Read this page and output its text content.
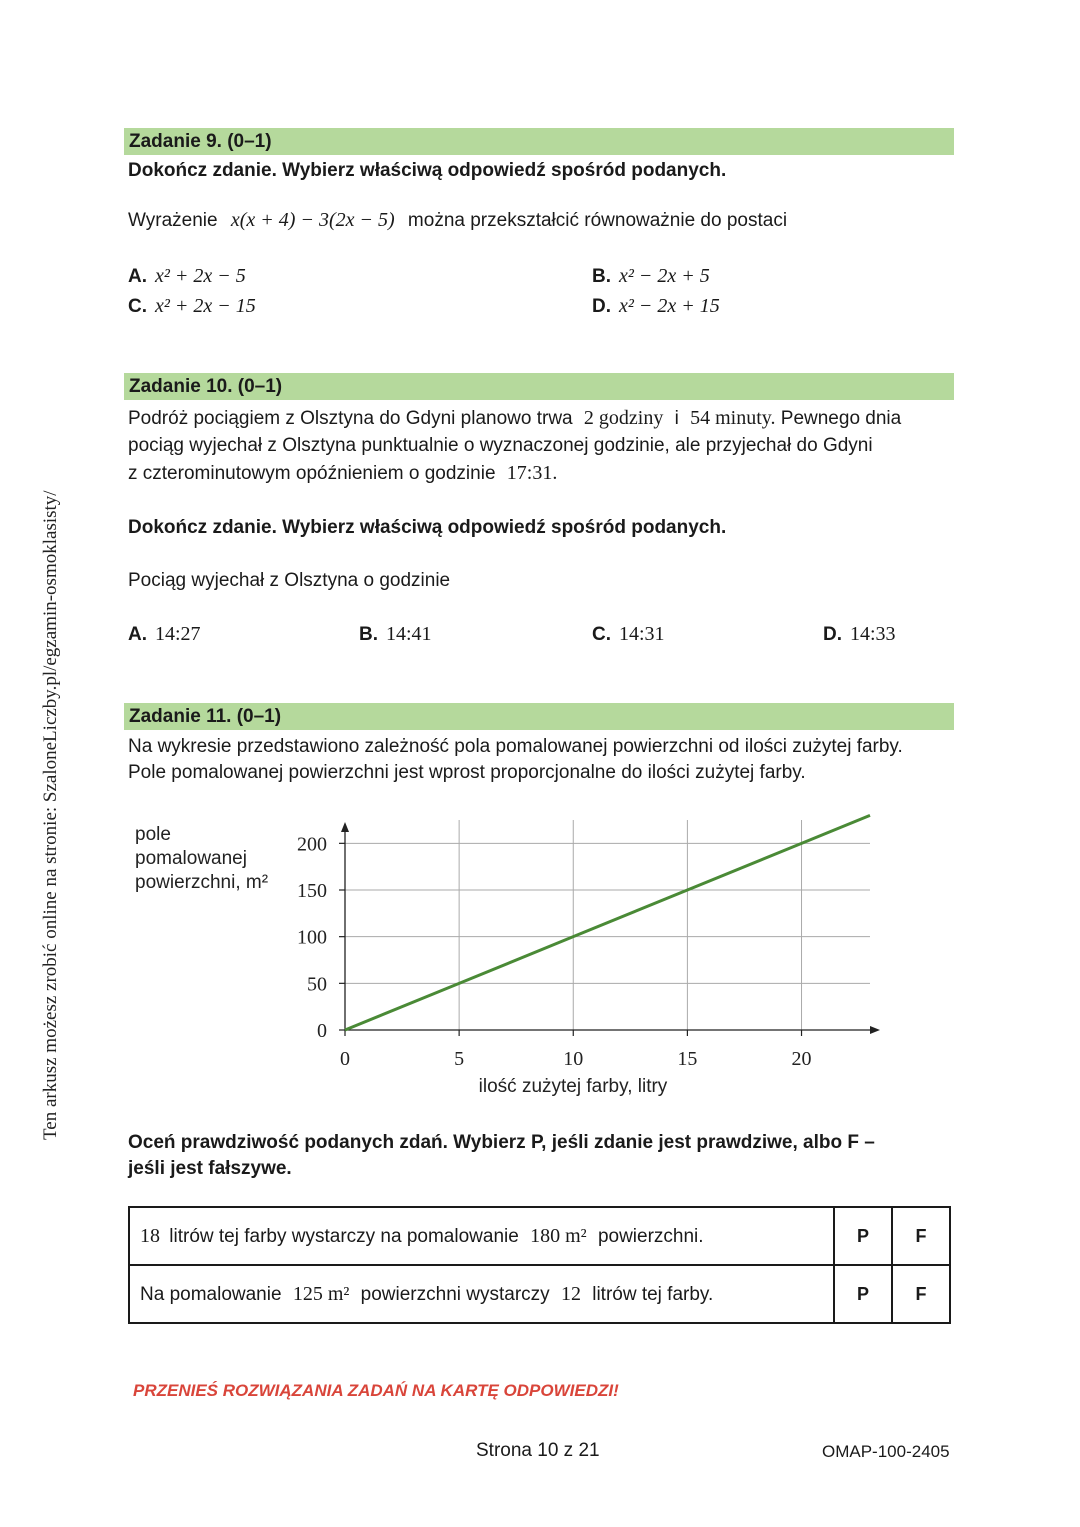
Ten arkusz możesz zrobić online na stronie: SzaloneLiczby.pl/egzamin-osmoklasisty/
Zadanie 9. (0–1)
Dokończ zdanie. Wybierz właściwą odpowiedź spośród podanych.
Wyrażenie x(x + 4) − 3(2x − 5) można przekształcić równoważnie do postaci
A. x² + 2x − 5	B. x² − 2x + 5
C. x² + 2x − 15	D. x² − 2x + 15
Zadanie 10. (0–1)
Podróż pociągiem z Olsztyna do Gdyni planowo trwa 2 godziny i 54 minuty. Pewnego dnia
pociąg wyjechał z Olsztyna punktualnie o wyznaczonej godzinie, ale przyjechał do Gdyni
z czterominutowym opóźnieniem o godzinie 17:31.
Dokończ zdanie. Wybierz właściwą odpowiedź spośród podanych.
Pociąg wyjechał z Olsztyna o godzinie
A. 14:27	B. 14:41	C. 14:31	D. 14:33
Zadanie 11. (0–1)
Na wykresie przedstawiono zależność pola pomalowanej powierzchni od ilości zużytej farby.
Pole pomalowanej powierzchni jest wprost proporcjonalne do ilości zużytej farby.
0
50
100
150
200
0	5	10	15	20
pole
pomalowanej
powierzchni, m²
ilość zużytej farby, litry
Oceń prawdziwość podanych zdań. Wybierz P, jeśli zdanie jest prawdziwe, albo F –
jeśli jest fałszywe.
18 litrów tej farby wystarczy na pomalowanie 180 m² powierzchni.	P	F
Na pomalowanie 125 m² powierzchni wystarczy 12 litrów tej farby.	P	F
PRZENIEŚ ROZWIĄZANIA ZADAŃ NA KARTĘ ODPOWIEDZI!
Strona 10 z 21	OMAP-100-2405
